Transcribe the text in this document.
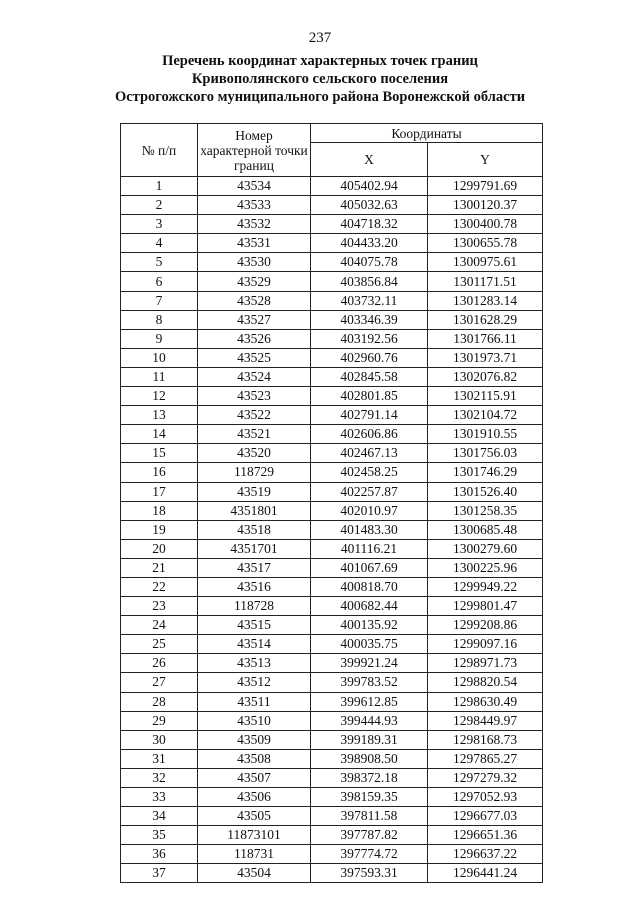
237
Перечень координат характерных точек границ
Кривополянского сельского поселения
Острогожского муниципального района Воронежской области
№ п/п	Номер характерной точки границ	Координаты	
		X	Y
1	43534	405402.94	1299791.69
2	43533	405032.63	1300120.37
3	43532	404718.32	1300400.78
4	43531	404433.20	1300655.78
5	43530	404075.78	1300975.61
6	43529	403856.84	1301171.51
7	43528	403732.11	1301283.14
8	43527	403346.39	1301628.29
9	43526	403192.56	1301766.11
10	43525	402960.76	1301973.71
11	43524	402845.58	1302076.82
12	43523	402801.85	1302115.91
13	43522	402791.14	1302104.72
14	43521	402606.86	1301910.55
15	43520	402467.13	1301756.03
16	118729	402458.25	1301746.29
17	43519	402257.87	1301526.40
18	4351801	402010.97	1301258.35
19	43518	401483.30	1300685.48
20	4351701	401116.21	1300279.60
21	43517	401067.69	1300225.96
22	43516	400818.70	1299949.22
23	118728	400682.44	1299801.47
24	43515	400135.92	1299208.86
25	43514	400035.75	1299097.16
26	43513	399921.24	1298971.73
27	43512	399783.52	1298820.54
28	43511	399612.85	1298630.49
29	43510	399444.93	1298449.97
30	43509	399189.31	1298168.73
31	43508	398908.50	1297865.27
32	43507	398372.18	1297279.32
33	43506	398159.35	1297052.93
34	43505	397811.58	1296677.03
35	11873101	397787.82	1296651.36
36	118731	397774.72	1296637.22
37	43504	397593.31	1296441.24
